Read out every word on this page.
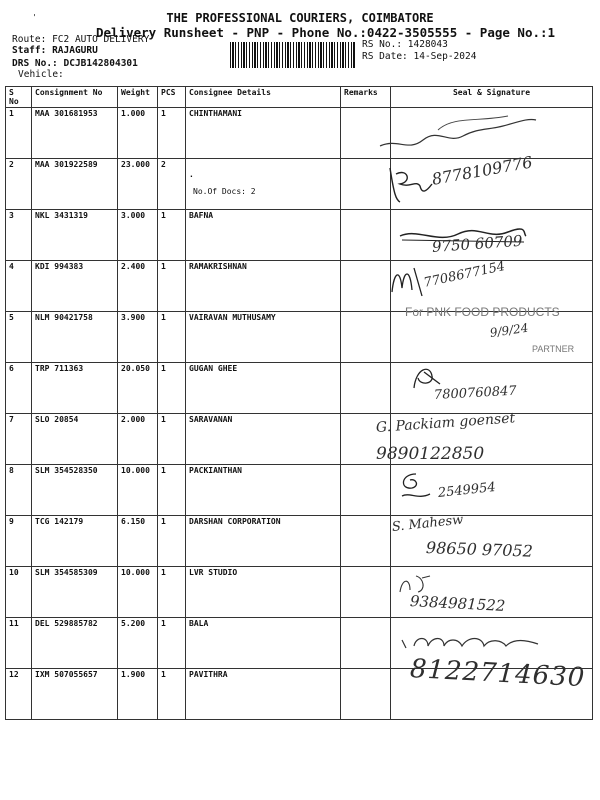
'	THE PROFESSIONAL COURIERS, COIMBATORE
Delivery Runsheet - PNP - Phone No.:0422-3505555 - Page No.:1
Route: FC2 AUTO DELIVERY
Staff: RAJAGURU
DRS No.: DCJB142804301
Vehicle:
RS No.: 1428043
RS Date: 14-Sep-2024
S No	Consignment No	Weight	PCS	Consignee Details	Remarks	Seal & Signature
1	MAA 301681953	1.000	1	CHINTHAMANI		
2	MAA 301922589	23.000	2	.
No.Of Docs: 2		

3	NKL 3431319	3.000	1	BAFNA		
4	KDI 994383	2.400	1	RAMAKRISHNAN		
5	NLM 90421758	3.900	1	VAIRAVAN MUTHUSAMY		
6	TRP 711363	20.050	1	GUGAN GHEE		
7	SLO 20854	2.000	1	SARAVANAN		
8	SLM 354528350	10.000	1	PACKIANTHAN		
9	TCG 142179	6.150	1	DARSHAN CORPORATION		
10	SLM 354585309	10.000	1	LVR STUDIO		
11	DEL 529885782	5.200	1	BALA		
12	IXM 507055657	1.900	1	PAVITHRA		
8778109776
9750 60709
7708677154
For PNK FOOD PRODUCTS
9/9/24
PARTNER
7800760847
G. Packiam goenset
9890122850
2549954
S. Mahesw
98650 97052
9384981522
8122714630
